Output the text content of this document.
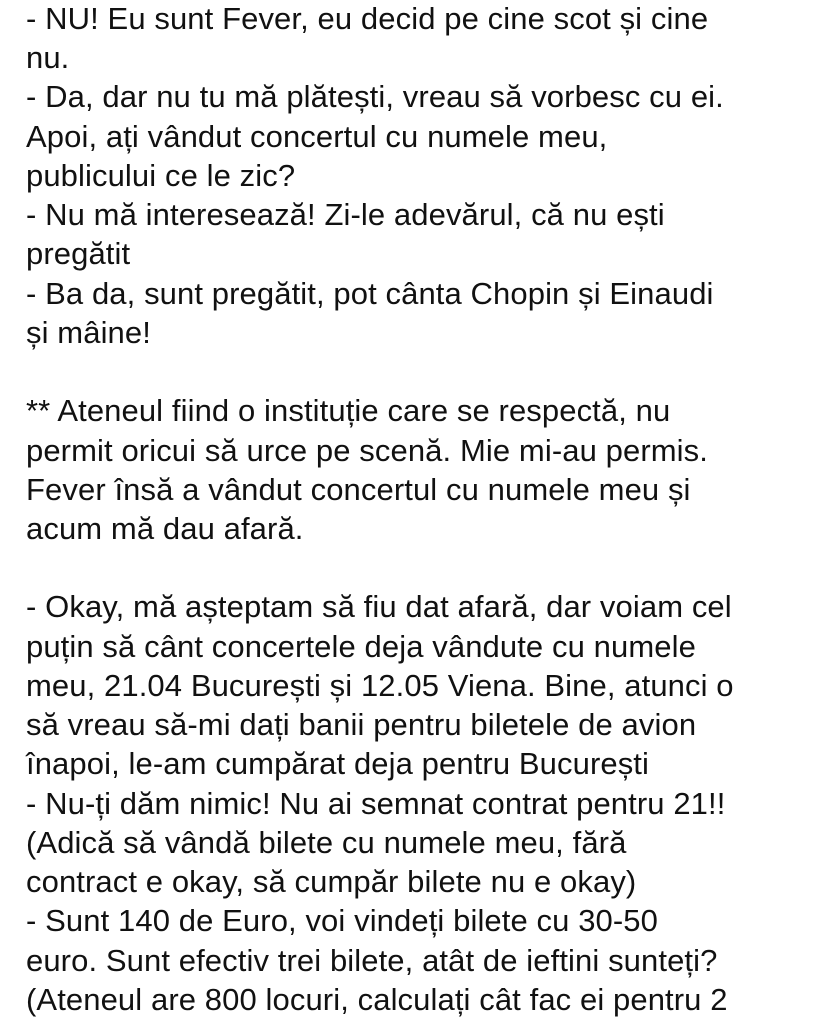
- NU! Eu sunt Fever, eu decid pe cine scot și cine
nu.
- Da, dar nu tu mă plătești, vreau să vorbesc cu ei.
Apoi, ați vândut concertul cu numele meu,
publicului ce le zic?
- Nu mă interesează! Zi-le adevărul, că nu ești
pregătit
- Ba da, sunt pregătit, pot cânta Chopin și Einaudi
și mâine!
** Ateneul fiind o instituție care se respectă, nu
permit oricui să urce pe scenă. Mie mi-au permis.
Fever însă a vândut concertul cu numele meu și
acum mă dau afară.
- Okay, mă așteptam să fiu dat afară, dar voiam cel
puțin să cânt concertele deja vândute cu numele
meu, 21.04 București și 12.05 Viena. Bine, atunci o
să vreau să-mi dați banii pentru biletele de avion
înapoi, le-am cumpărat deja pentru București
- Nu-ți dăm nimic! Nu ai semnat contrat pentru 21!!
(Adică să vândă bilete cu numele meu, fără
contract e okay, să cumpăr bilete nu e okay)
- Sunt 140 de Euro, voi vindeți bilete cu 30-50
euro. Sunt efectiv trei bilete, atât de ieftini sunteți?
(Ateneul are 800 locuri, calculați cât fac ei pentru 2
